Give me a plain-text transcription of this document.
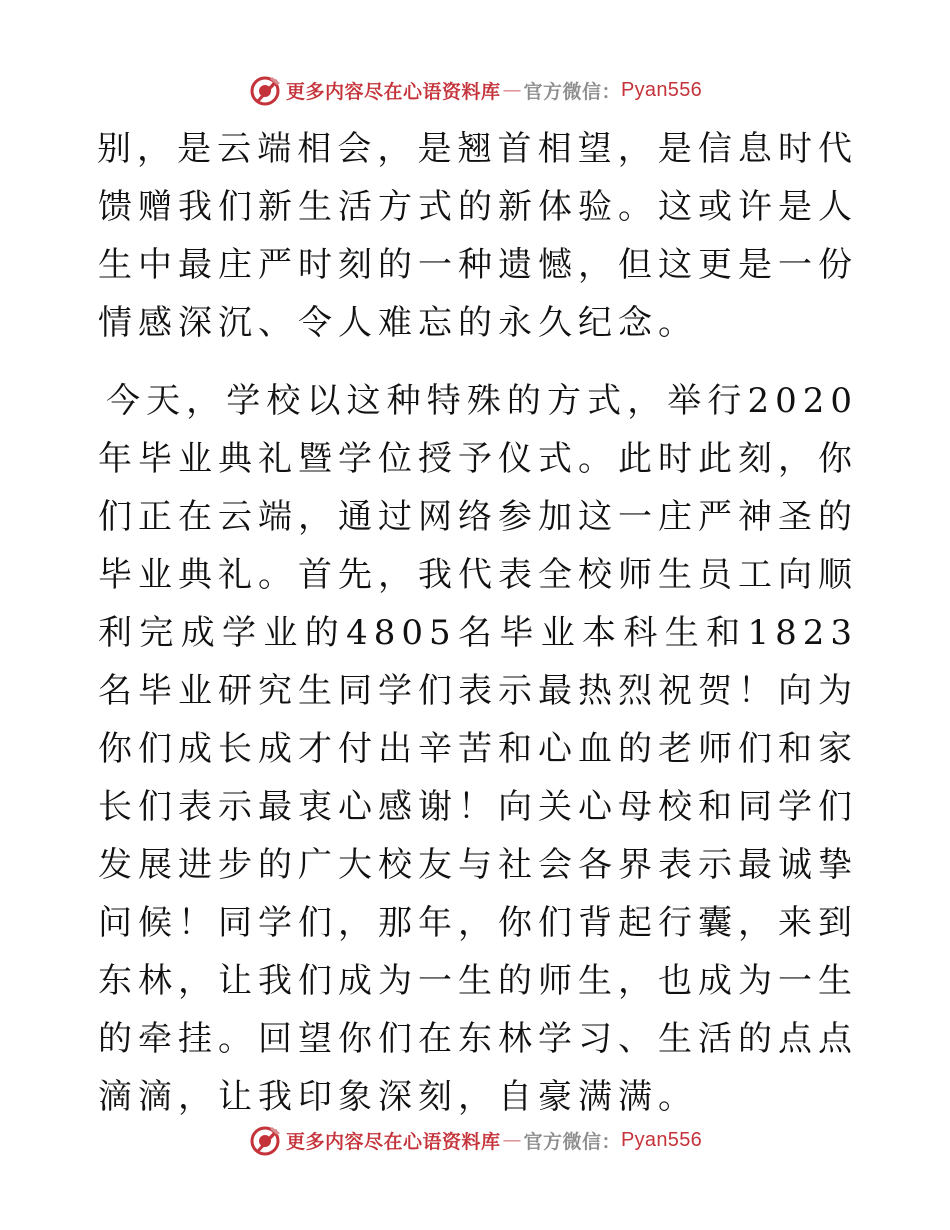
更多内容尽在心语资料库 — 官方微信： Pyan556

别，是云端相会，是翘首相望，是信息时代馈赠我们新生活方式的新体验。这或许是人生中最庄严时刻的一种遗憾，但这更是一份情感深沉、令人难忘的永久纪念。

今天，学校以这种特殊的方式，举行2020年毕业典礼暨学位授予仪式。此时此刻，你们正在云端，通过网络参加这一庄严神圣的毕业典礼。首先，我代表全校师生员工向顺利完成学业的4805名毕业本科生和1823名毕业研究生同学们表示最热烈祝贺！向为你们成长成才付出辛苦和心血的老师们和家长们表示最衷心感谢！向关心母校和同学们发展进步的广大校友与社会各界表示最诚挚问候！同学们，那年，你们背起行囊，来到东林，让我们成为一生的师生，也成为一生的牵挂。回望你们在东林学习、生活的点点滴滴，让我印象深刻，自豪满满。

更多内容尽在心语资料库 — 官方微信： Pyan556
